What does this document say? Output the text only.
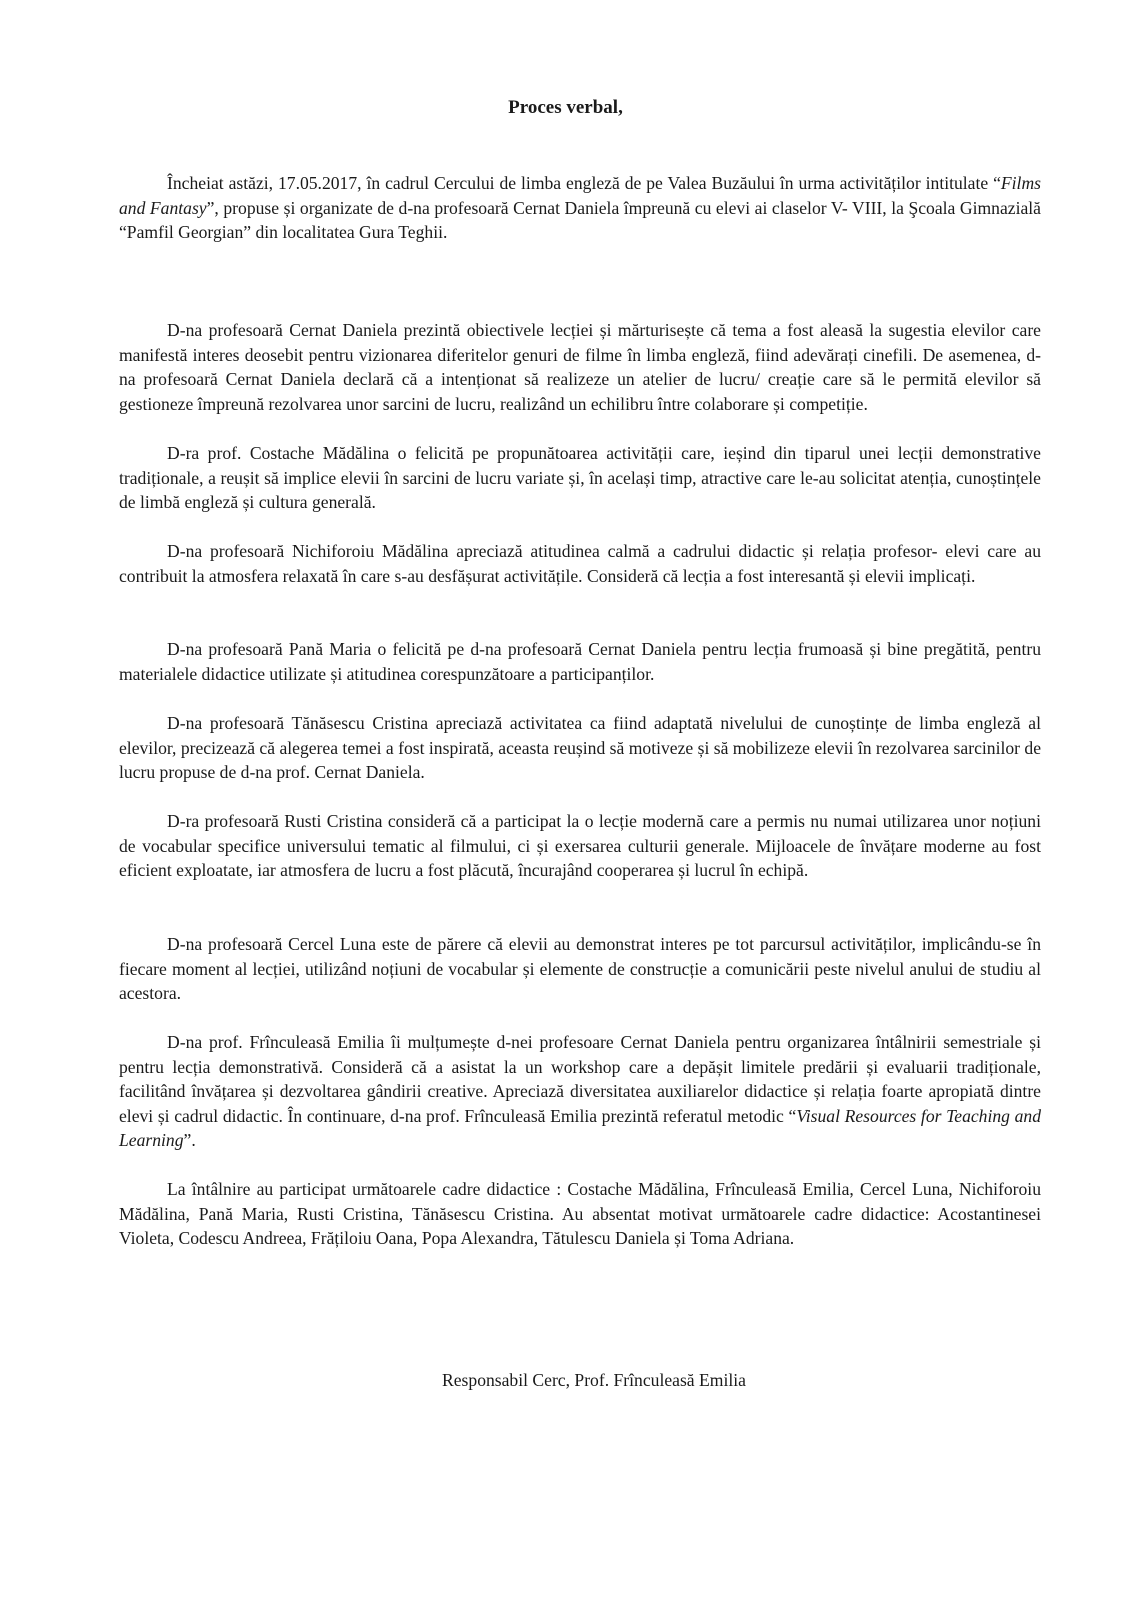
Proces verbal,

Încheiat astăzi, 17.05.2017, în cadrul Cercului de limba engleză de pe Valea Buzăului în urma activităților intitulate “Films and Fantasy”, propuse și organizate de d-na profesoară Cernat Daniela împreună cu elevi ai claselor V- VIII, la Şcoala Gimnazială “Pamfil Georgian” din localitatea Gura Teghii.

D-na profesoară Cernat Daniela prezintă obiectivele lecției și mărturisește că tema a fost aleasă la sugestia elevilor care manifestă interes deosebit pentru vizionarea diferitelor genuri de filme în limba engleză, fiind adevărați cinefili. De asemenea, d-na profesoară Cernat Daniela declară că a intenționat să realizeze un atelier de lucru/ creație care să le permită elevilor să gestioneze împreună rezolvarea unor sarcini de lucru, realizând un echilibru între colaborare și competiție.

D-ra prof. Costache Mădălina o felicită pe propunătoarea activității care, ieșind din tiparul unei lecții demonstrative tradiționale, a reușit să implice elevii în sarcini de lucru variate și, în același timp, atractive care le-au solicitat atenția, cunoștințele de limbă engleză și cultura generală.

D-na profesoară Nichiforoiu Mădălina apreciază atitudinea calmă a cadrului didactic și relația profesor- elevi care au contribuit la atmosfera relaxată în care s-au desfășurat activitățile. Consideră că lecția a fost interesantă și elevii implicați.

D-na profesoară Pană Maria o felicită pe d-na profesoară Cernat Daniela pentru lecția frumoasă și bine pregătită, pentru materialele didactice utilizate și atitudinea corespunzătoare a participanților.

D-na profesoară Tănăsescu Cristina apreciază activitatea ca fiind adaptată nivelului de cunoștințe de limba engleză al elevilor, precizează că alegerea temei a fost inspirată, aceasta reușind să motiveze și să mobilizeze elevii în rezolvarea sarcinilor de lucru propuse de d-na prof. Cernat Daniela.

D-ra profesoară Rusti Cristina consideră că a participat la o lecție modernă care a permis nu numai utilizarea unor noțiuni de vocabular specifice universului tematic al filmului, ci și exersarea culturii generale. Mijloacele de învățare moderne au fost eficient exploatate, iar atmosfera de lucru a fost plăcută, încurajând cooperarea și lucrul în echipă.

D-na profesoară Cercel Luna este de părere că elevii au demonstrat interes pe tot parcursul activităților, implicându-se în fiecare moment al lecției, utilizând noțiuni de vocabular și elemente de construcție a comunicării peste nivelul anului de studiu al acestora.

D-na prof. Frînculeasă Emilia îi mulțumește d-nei profesoare Cernat Daniela pentru organizarea întâlnirii semestriale și pentru lecția demonstrativă. Consideră că a asistat la un workshop care a depășit limitele predării și evaluarii tradiționale, facilitând învățarea și dezvoltarea gândirii creative. Apreciază diversitatea auxiliarelor didactice și relația foarte apropiată dintre elevi și cadrul didactic. În continuare, d-na prof. Frînculeasă Emilia prezintă referatul metodic “Visual Resources for Teaching and Learning”.

La întâlnire au participat următoarele cadre didactice : Costache Mădălina, Frînculeasă Emilia, Cercel Luna, Nichiforoiu Mădălina, Pană Maria, Rusti Cristina, Tănăsescu Cristina. Au absentat motivat următoarele cadre didactice: Acostantinesei Violeta, Codescu Andreea, Frățiloiu Oana, Popa Alexandra, Tătulescu Daniela și Toma Adriana.

Responsabil Cerc, Prof. Frînculeasă Emilia
